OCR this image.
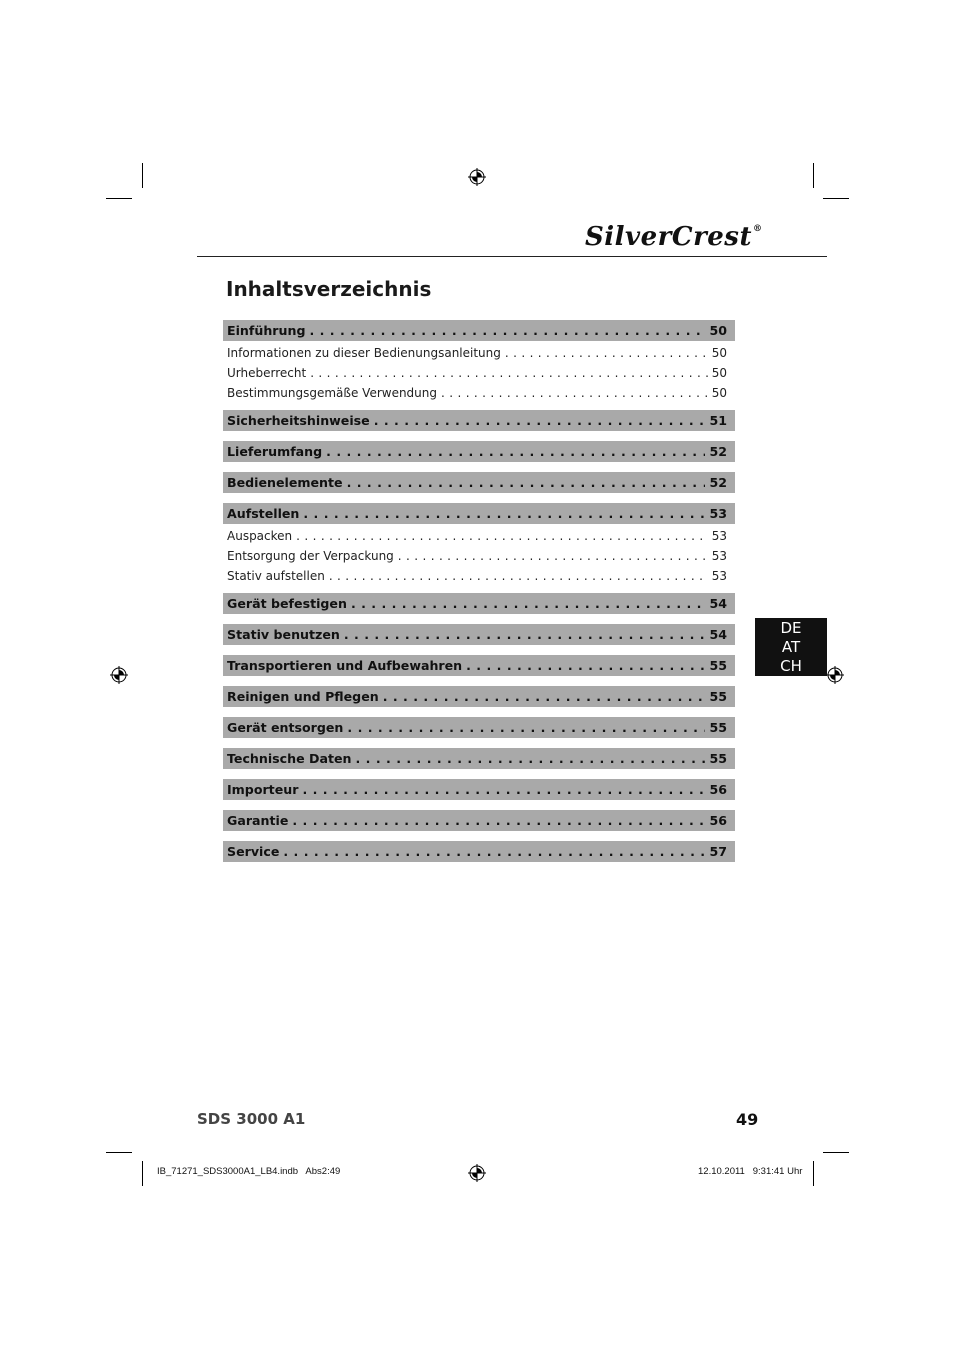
SilverCrest®
Inhaltsverzeichnis
Einführung . . .	50
Informationen zu dieser Bedienungsanleitung . . .	50
Urheberrecht . . .	50
Bestimmungsgemäße Verwendung . . .	50
Sicherheitshinweise . . .	51
Lieferumfang . . .	52
Bedienelemente . . .	52
Aufstellen . . .	53
Auspacken . . .	53
Entsorgung der Verpackung . . .	53
Stativ aufstellen . . .	53
Gerät befestigen . . .	54
Stativ benutzen . . .	54
Transportieren und Aufbewahren . . .	55
Reinigen und Pflegen . . .	55
Gerät entsorgen . . .	55
Technische Daten . . .	55
Importeur . . .	56
Garantie . . .	56
Service . . .	57
DE
AT
CH
SDS 3000 A1	49
IB_71271_SDS3000A1_LB4.indb   Abs2:49	12.10.2011   9:31:41 Uhr
